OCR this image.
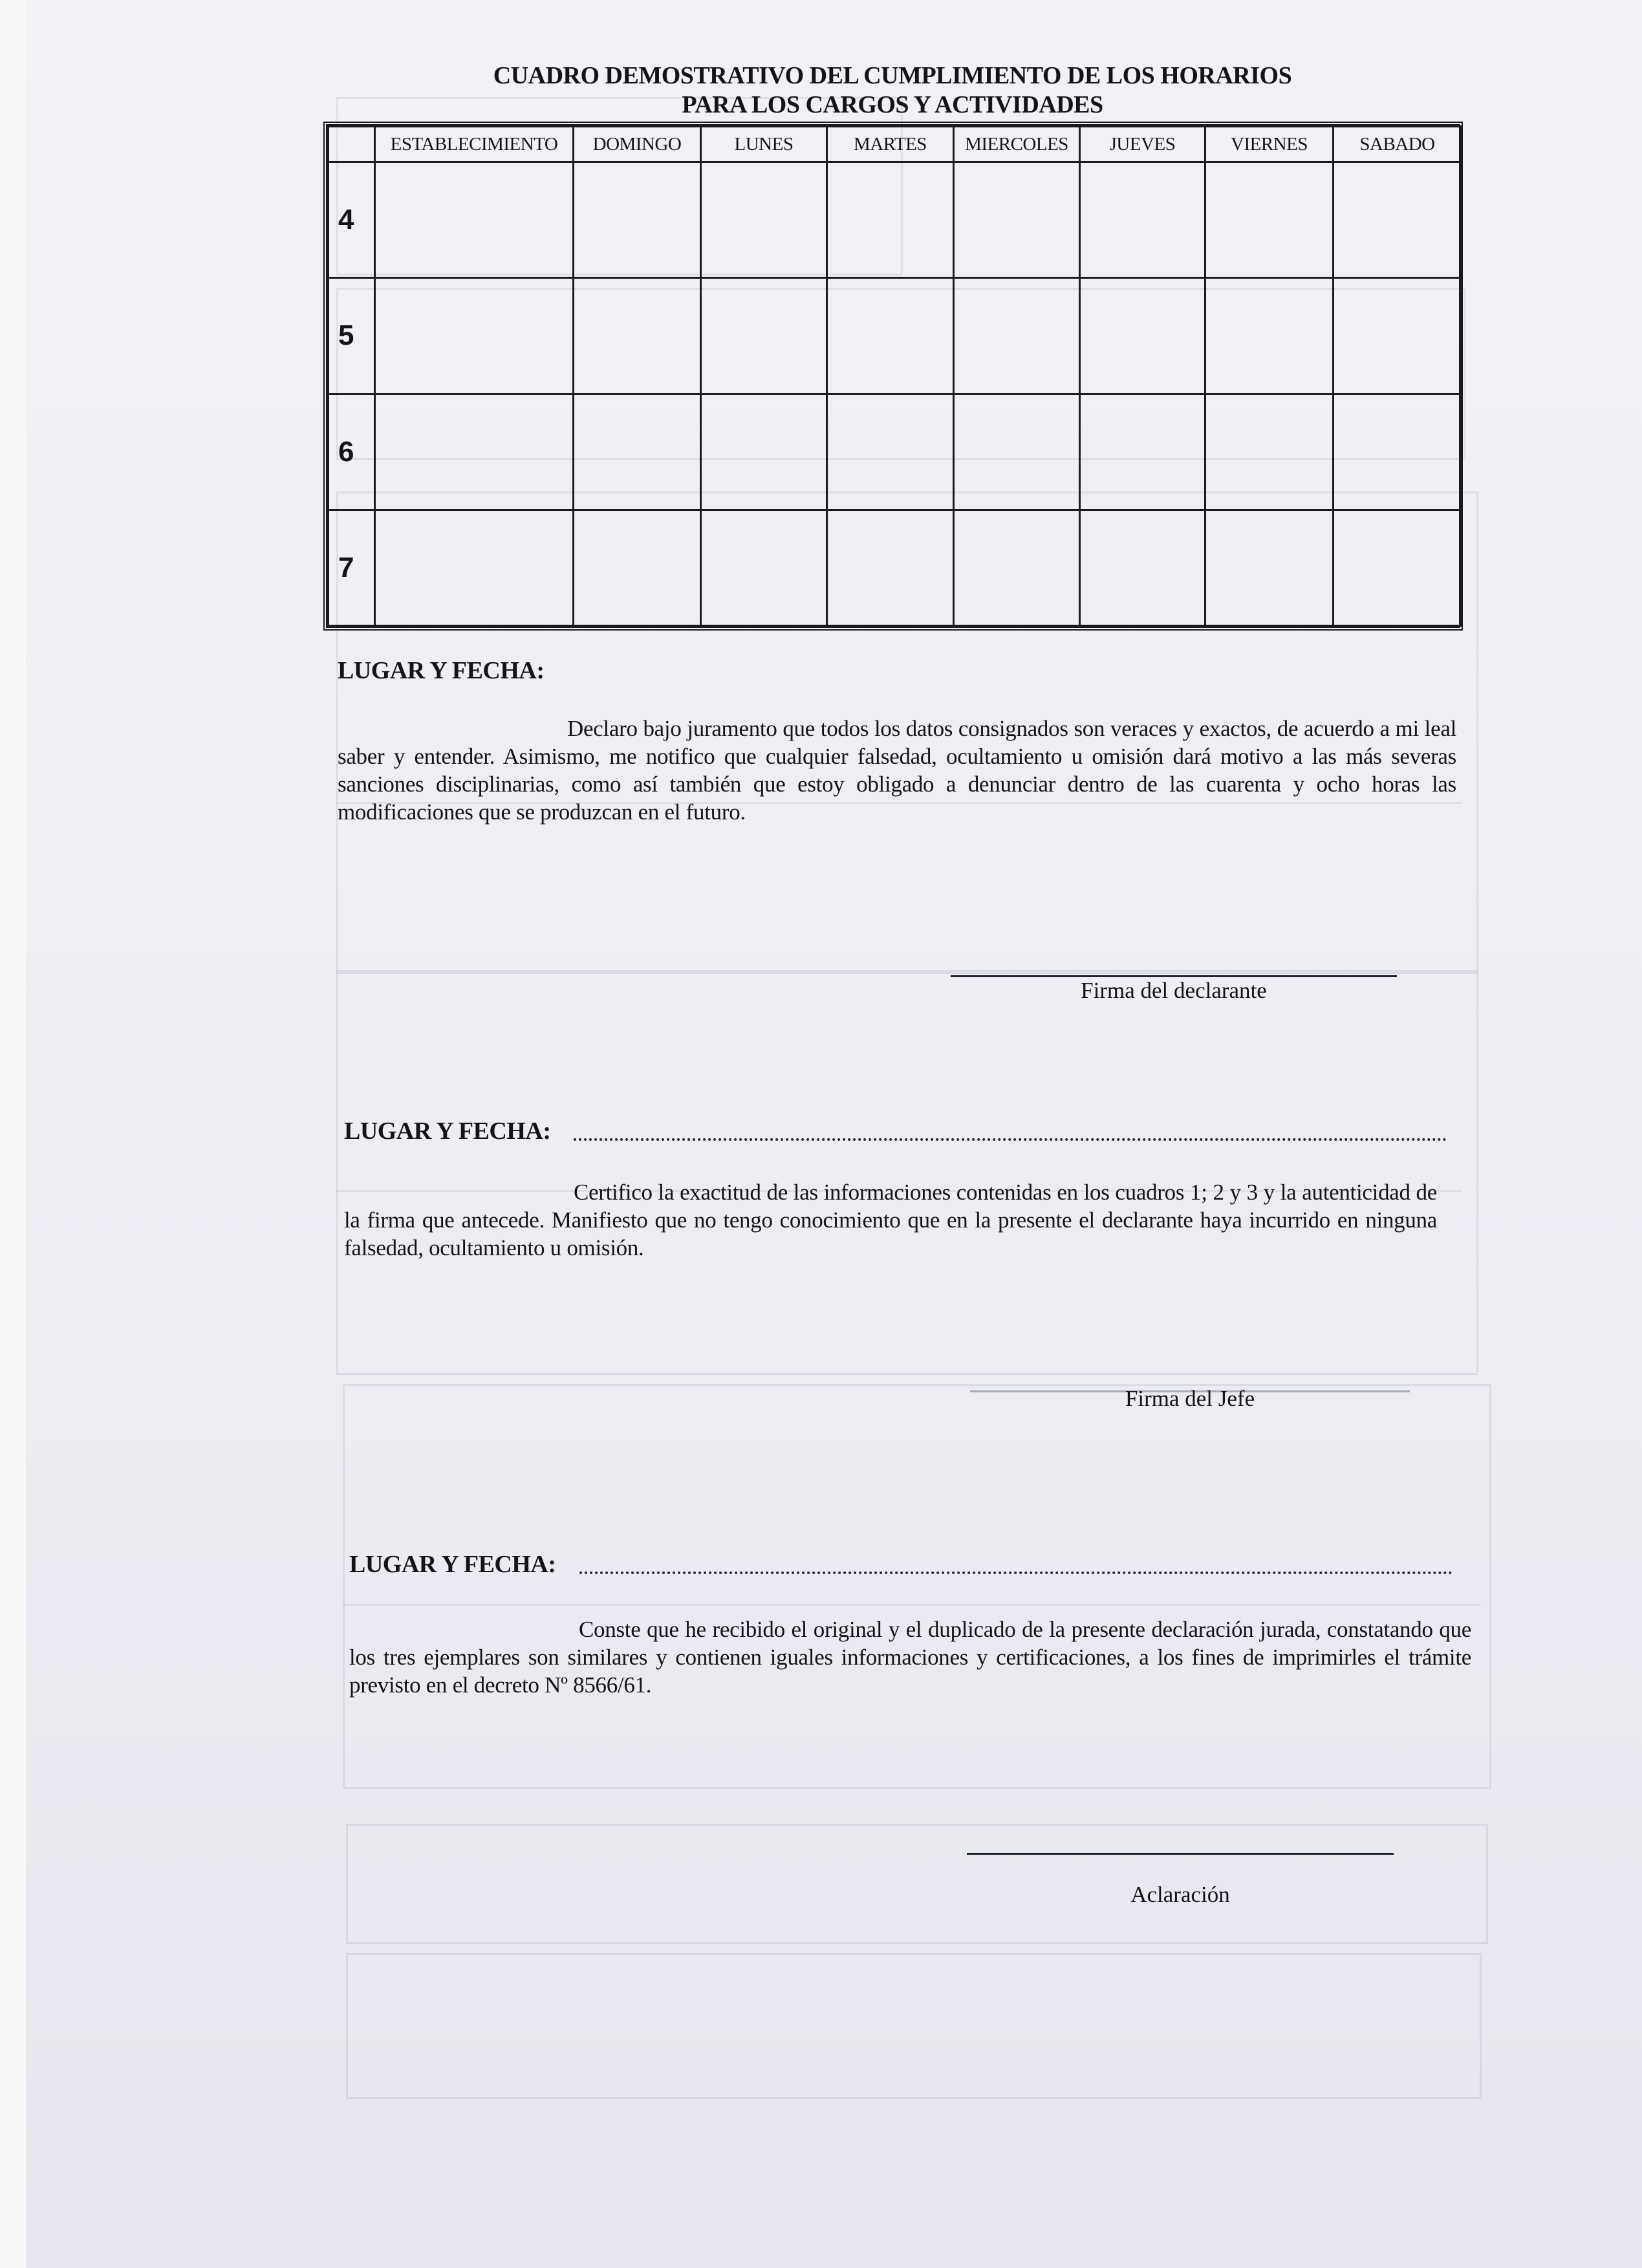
CUADRO DEMOSTRATIVO DEL CUMPLIMIENTO DE LOS HORARIOS
PARA LOS CARGOS Y ACTIVIDADES
	ESTABLECIMIENTO	DOMINGO	LUNES	MARTES	MIERCOLES	JUEVES	VIERNES	SABADO
4								
5								
6								
7								
LUGAR Y FECHA:
Declaro bajo juramento que todos los datos consignados son veraces y exactos, de acuerdo a mi leal saber y entender. Asimismo, me notifico que cualquier falsedad, ocultamiento u omisión dará motivo a las más severas sanciones disciplinarias, como así también que estoy obligado a denunciar dentro de las cuarenta y ocho horas las modificaciones que se produzcan en el futuro.
Firma del declarante
LUGAR Y FECHA:
Certifico la exactitud de las informaciones contenidas en los cuadros 1; 2 y 3 y la autenticidad de la firma que antecede. Manifiesto que no tengo conocimiento que en la presente el declarante haya incurrido en ninguna falsedad, ocultamiento u omisión.
Firma del Jefe
LUGAR Y FECHA:
Conste que he recibido el original y el duplicado de la presente declaración jurada, constatando que los tres ejemplares son similares y contienen iguales informaciones y certificaciones, a los fines de imprimirles el trámite previsto en el decreto Nº 8566/61.
Aclaración
